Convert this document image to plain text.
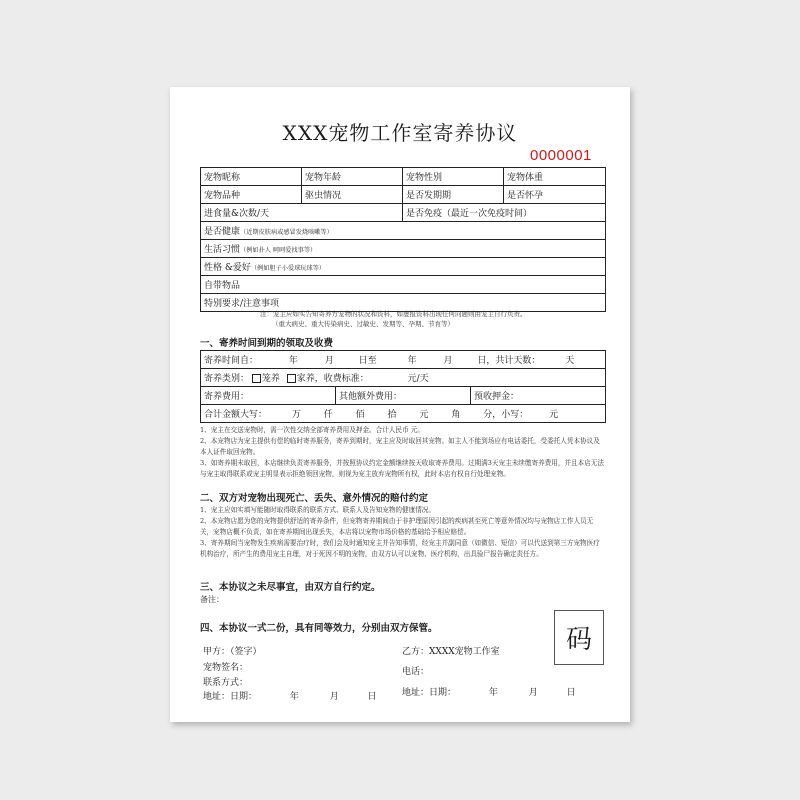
XXX宠物工作室寄养协议
0000001
宠物昵称	宠物年龄	宠物性别	宠物体重
宠物品种	驱虫情况	是否发期期	是否怀孕
进食量&次数/天		是否免疫（最近一次免疫时间）	
是否健康（近期皮肤病或感冒发烧咳嗽等）			
生活习惯（例如扑人 呵呵爱找事等）			
性格 &爱好（例如胆子小爱球玩球等）			
自带物品			
特别要求/注意事项			
注：宠主应如实告知寄养方宠物的状况和资料，如虚报资料出现任何问题则由宠主自行负责。
（重大病史、重大传染病史、过敏史、发期等、孕期、节育等）
一、寄养时间到期的领取及收费
寄养时间自：	年	月	日至	年	月	日，共计天数：	天
寄养类别： 笼养 家养，收费标准：	元/天
寄养费用：	其他额外费用：	预收押金：
合计金额大写：	万	仟	佰	拾	元	角	分，小写： 元
1、宠主在交送宠物时，需一次性交纳全部寄养费用及押金。合计人民币 元。
2、本宠物店为宠主提供有偿的临时寄养服务，寄养到期时，宠主应及时取回其宠物。如主人不能到场应有电话委托，受委托人凭本协议及本人证件取回宠物。
3、如寄养期未取回，本店继续负责寄养服务，并按照协议约定金额继续按天收取寄养费用。过期满3天宠主未续缴寄养费用，并且本店无法与宠主取得联系或宠主明显表示拒绝领回宠物，则视为宠主放弃宠物所有权，此时本店有权自行处理宠物。
二、双方对宠物出现死亡、丢失、意外情况的赔付约定
1、宠主应如实填写能随时取得联系的联系方式、联系人及告知宠物的健康情况。
2、本宠物店愿为您的宠物提供舒适的寄养条件，但宠物寄养期间由于非护理原因引起的疾病甚至死亡等意外情况均与宠物店工作人员无关，宠物店概不负责，如在寄养期间出现丢失，本店将以宠物市场价格的基础给予相应赔偿。
3、寄养期间当宠物发生疾病需要治疗时，我们会及时通知宠主并告知事情，经宠主并副同意（如微信、短信）可以代送到第三方宠物医疗机构治疗，所产生的费用宠主自理，对于死因不明的宠物，由双方认可以宠物、医疗机构，出具验尸报告确定责任方。
三、本协议之未尽事宜，由双方自行约定。
备注：
四、本协议一式二份，具有同等效力，分别由双方保管。	码
甲方：（签字）
宠物签名：
联系方式：
地址：日期：	年	月	日
乙方：XXXX宠物工作室
电话：
地址：日期：	年	月	日
